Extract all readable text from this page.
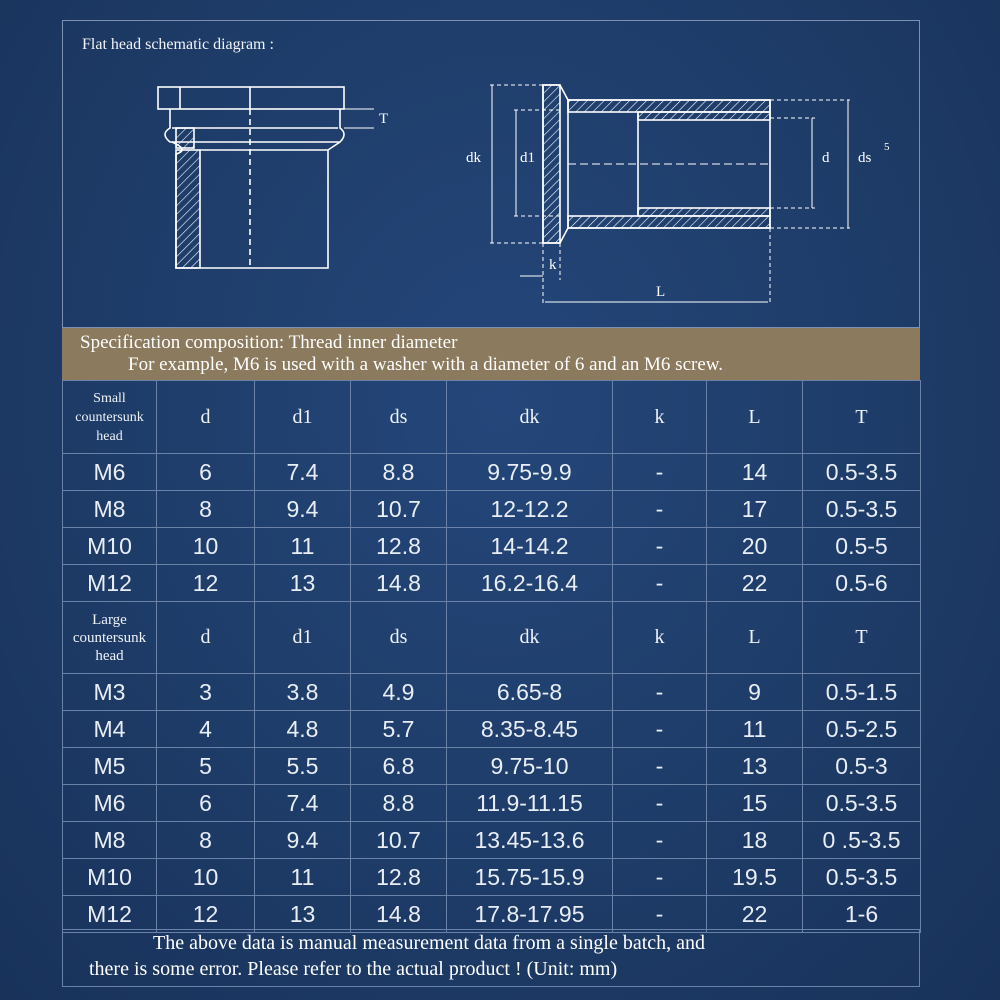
Flat head schematic diagram :
T
dk	d1	d ds
5
k
L
Specification composition: Thread inner diameter
For example, M6 is used with a washer with a diameter of 6 and an M6 screw.
Small
countersunk
head	d	d1	ds	dk	k	L	T
M6	6	7.4	8.8	9.75-9.9	-	14	0.5-3.5
M8	8	9.4	10.7	12-12.2	-	17	0.5-3.5
M10	10	11	12.8	14-14.2	-	20	0.5-5
M12	12	13	14.8	16.2-16.4	-	22	0.5-6
Large
countersunk
head	d	d1	ds	dk	k	L	T
M3	3	3.8	4.9	6.65-8	-	9	0.5-1.5
M4	4	4.8	5.7	8.35-8.45	-	11	0.5-2.5
M5	5	5.5	6.8	9.75-10	-	13	0.5-3
M6	6	7.4	8.8	11.9-11.15	-	15	0.5-3.5
M8	8	9.4	10.7	13.45-13.6	-	18	0 .5-3.5
M10	10	11	12.8	15.75-15.9	-	19.5	0.5-3.5
M12	12	13	14.8	17.8-17.95	-	22	1-6
The above data is manual measurement data from a single batch, and
there is some error. Please refer to the actual product ! (Unit: mm)
